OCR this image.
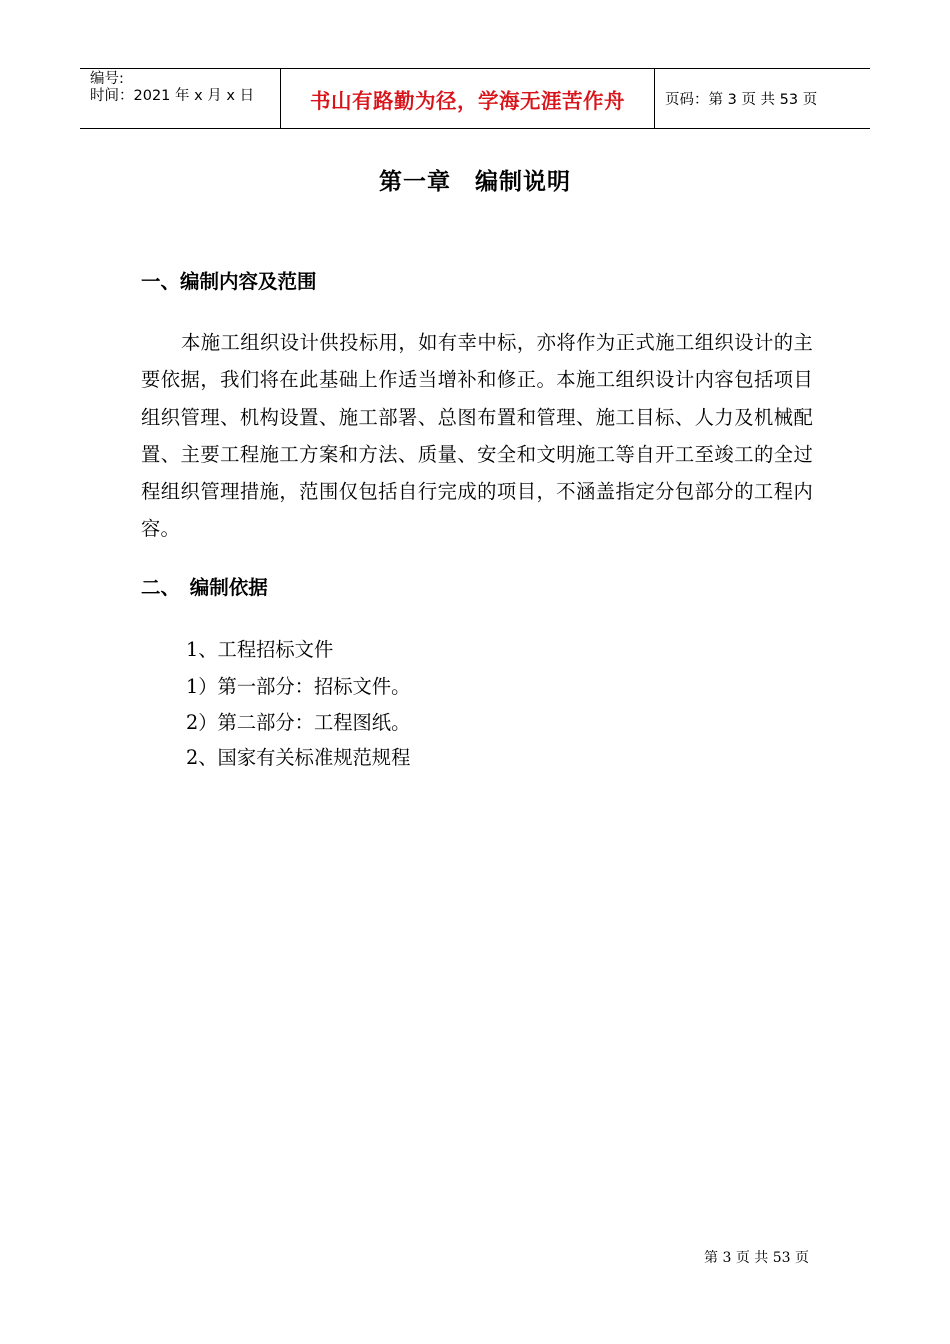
编号:
时间：2021 年 x 月 x 日	书山有路勤为径，学海无涯苦作舟	页码：第 3 页 共 53 页
第一章　编制说明
一、编制内容及范围
本施工组织设计供投标用，如有幸中标，亦将作为正式施工组织设计的主要依据，我们将在此基础上作适当增补和修正。本施工组织设计内容包括项目组织管理、机构设置、施工部署、总图布置和管理、施工目标、人力及机械配置、主要工程施工方案和方法、质量、安全和文明施工等自开工至竣工的全过程组织管理措施，范围仅包括自行完成的项目，不涵盖指定分包部分的工程内容。
二、　编制依据
1、工程招标文件
1）第一部分：招标文件。
2）第二部分：工程图纸。
2、国家有关标准规范规程
第 3 页 共 53 页
